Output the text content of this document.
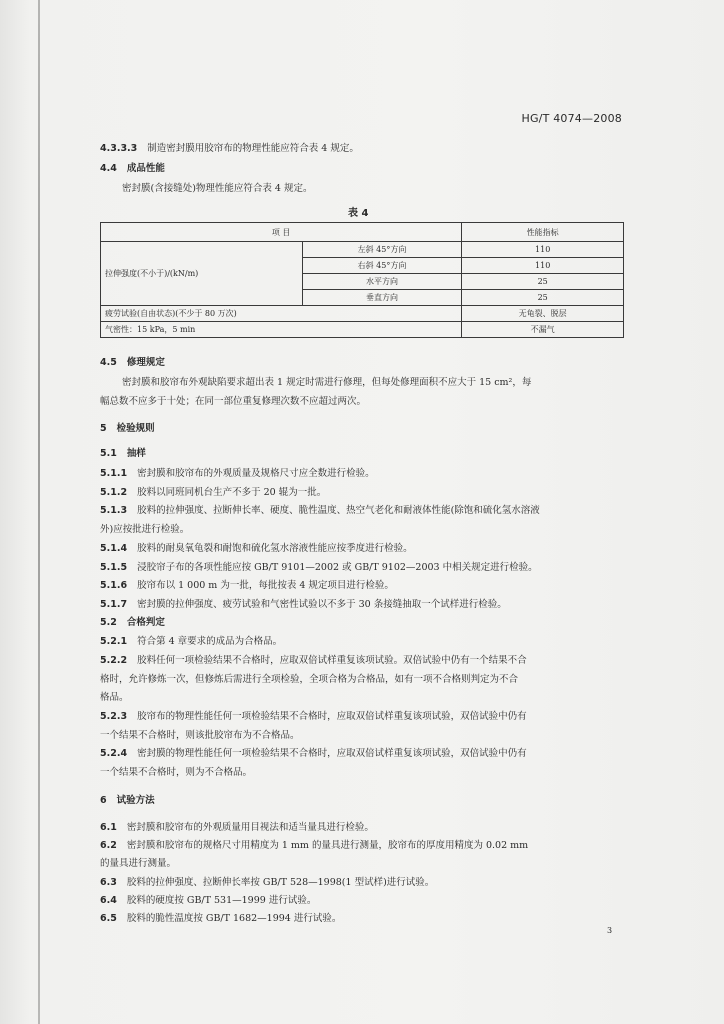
HG/T 4074—2008
4.3.3.3 制造密封膜用胶帘布的物理性能应符合表 4 规定。
4.4 成品性能
密封膜(含接缝处)物理性能应符合表 4 规定。
表 4
项 目		性能指标
拉伸强度(不小于)/(kN/m)	左斜 45°方向	110
	右斜 45°方向	110
	水平方向	25
	垂直方向	25
疲劳试验(自由状态)(不少于 80 万次)		无龟裂、脱层
气密性：15 kPa，5 min		不漏气
4.5 修理规定
密封膜和胶帘布外观缺陷要求超出表 1 规定时需进行修理，但每处修理面积不应大于 15 cm²，每
幅总数不应多于十处；在同一部位重复修理次数不应超过两次。
5 检验规则
5.1 抽样
5.1.1 密封膜和胶帘布的外观质量及规格尺寸应全数进行检验。
5.1.2 胶料以同班同机台生产不多于 20 辊为一批。
5.1.3 胶料的拉伸强度、拉断伸长率、硬度、脆性温度、热空气老化和耐液体性能(除饱和硫化氢水溶液
外)应按批进行检验。
5.1.4 胶料的耐臭氧龟裂和耐饱和硫化氢水溶液性能应按季度进行检验。
5.1.5 浸胶帘子布的各项性能应按 GB/T 9101—2002 或 GB/T 9102—2003 中相关规定进行检验。
5.1.6 胶帘布以 1 000 m 为一批，每批按表 4 规定项目进行检验。
5.1.7 密封膜的拉伸强度、疲劳试验和气密性试验以不多于 30 条接缝抽取一个试样进行检验。
5.2 合格判定
5.2.1 符合第 4 章要求的成品为合格品。
5.2.2 胶料任何一项检验结果不合格时，应取双倍试样重复该项试验。双倍试验中仍有一个结果不合
格时，允许修炼一次，但修炼后需进行全项检验，全项合格为合格品，如有一项不合格则判定为不合
格品。
5.2.3 胶帘布的物理性能任何一项检验结果不合格时，应取双倍试样重复该项试验，双倍试验中仍有
一个结果不合格时，则该批胶帘布为不合格品。
5.2.4 密封膜的物理性能任何一项检验结果不合格时，应取双倍试样重复该项试验，双倍试验中仍有
一个结果不合格时，则为不合格品。
6 试验方法
6.1 密封膜和胶帘布的外观质量用目视法和适当量具进行检验。
6.2 密封膜和胶帘布的规格尺寸用精度为 1 mm 的量具进行测量，胶帘布的厚度用精度为 0.02 mm
的量具进行测量。
6.3 胶料的拉伸强度、拉断伸长率按 GB/T 528—1998(1 型试样)进行试验。
6.4 胶料的硬度按 GB/T 531—1999 进行试验。
6.5 胶料的脆性温度按 GB/T 1682—1994 进行试验。
3
